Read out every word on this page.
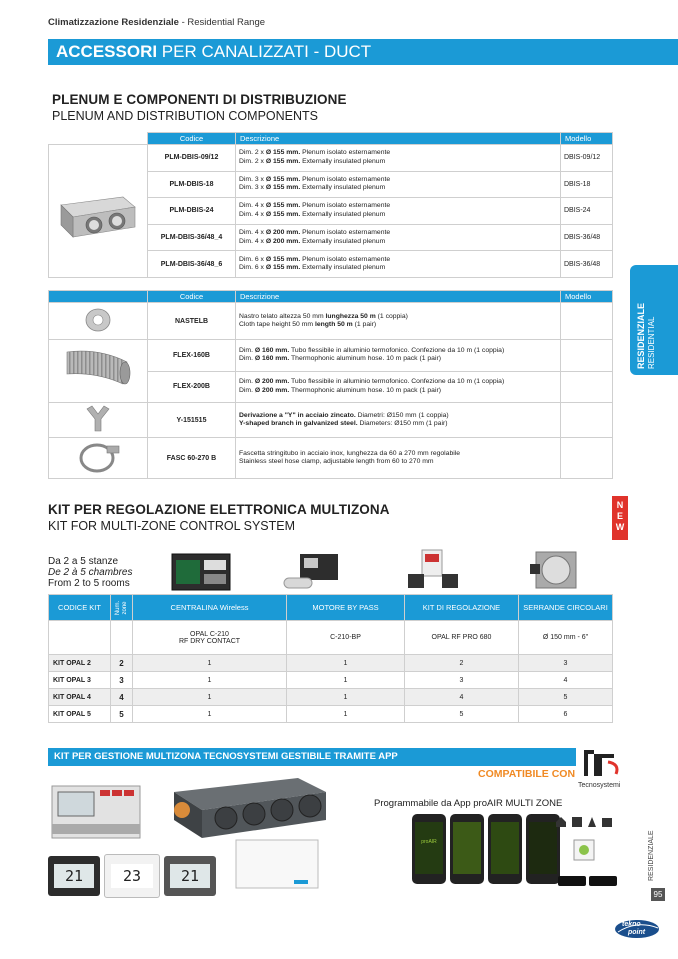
Climatizzazione Residenziale - Residential Range
ACCESSORI PER CANALIZZATI - DUCT
RESIDENZIALE RESIDENTIAL
PLENUM E COMPONENTI DI DISTRIBUZIONE
PLENUM AND DISTRIBUTION COMPONENTS
	Codice	Descrizione	Modello
	PLM-DBIS-09/12	Dim. 2 x Ø 155 mm. Plenum isolato esternamente
Dim. 2 x Ø 155 mm. Externally insulated plenum	DBIS-09/12
	PLM-DBIS-18	Dim. 3 x Ø 155 mm. Plenum isolato esternamente
Dim. 3 x Ø 155 mm. Externally insulated plenum	DBIS-18
	PLM-DBIS-24	Dim. 4 x Ø 155 mm. Plenum isolato esternamente
Dim. 4 x Ø 155 mm. Externally insulated plenum	DBIS-24
	PLM-DBIS-36/48_4	Dim. 4 x Ø 200 mm. Plenum isolato esternamente
Dim. 4 x Ø 200 mm. Externally insulated plenum	DBIS-36/48
	PLM-DBIS-36/48_6	Dim. 6 x Ø 155 mm. Plenum isolato esternamente
Dim. 6 x Ø 155 mm. Externally insulated plenum	DBIS-36/48
	Codice	Descrizione	Modello
	NASTELB	Nastro telato altezza 50 mm lunghezza 50 m (1 coppia)
Cloth tape height 50 mm length 50 m (1 pair)	

	FLEX-160B	Dim. Ø 160 mm. Tubo flessibile in alluminio termofonico. Confezione da 10 m (1 coppia)
Dim. Ø 160 mm. Thermophonic aluminum hose. 10 m pack (1 pair)	

	FLEX-200B	Dim. Ø 200 mm. Tubo flessibile in alluminio termofonico. Confezione da 10 m (1 coppia)
Dim. Ø 200 mm. Thermophonic aluminum hose. 10 m pack (1 pair)	

	Y-151515	Derivazione a "Y" in acciaio zincato. Diametri: Ø150 mm (1 coppia)
Y-shaped branch in galvanized steel. Diameters: Ø150 mm (1 pair)	

	FASC 60-270 B	Fascetta stringitubo in acciaio inox, lunghezza da 60 a 270 mm regolabile
Stainless steel hose clamp, adjustable length from 60 to 270 mm	

KIT PER REGOLAZIONE ELETTRONICA MULTIZONA
KIT FOR MULTI-ZONE CONTROL SYSTEM
N
E
W
Da 2 a 5 stanze
De 2 à 5 chambres
From 2 to 5 rooms
CODICE KIT	Num. zone	CENTRALINA Wireless	MOTORE BY PASS	KIT DI REGOLAZIONE	SERRANDE CIRCOLARI

		OPAL C-210
RF DRY CONTACT	C-210-BP	OPAL RF PRO 680	Ø 150 mm - 6"
KIT OPAL 2	2	1	1	2	3
KIT OPAL 3	3	1	1	3	4
KIT OPAL 4	4	1	1	4	5
KIT OPAL 5	5	1	1	5	6
KIT PER GESTIONE MULTIZONA TECNOSYSTEMI GESTIBILE TRAMITE APP
COMPATIBILE CON
Tecnosystemi
Programmabile da App proAIR MULTI ZONE
21	23	21
proAIR	RESIDENZIALE
95
tekno
point
